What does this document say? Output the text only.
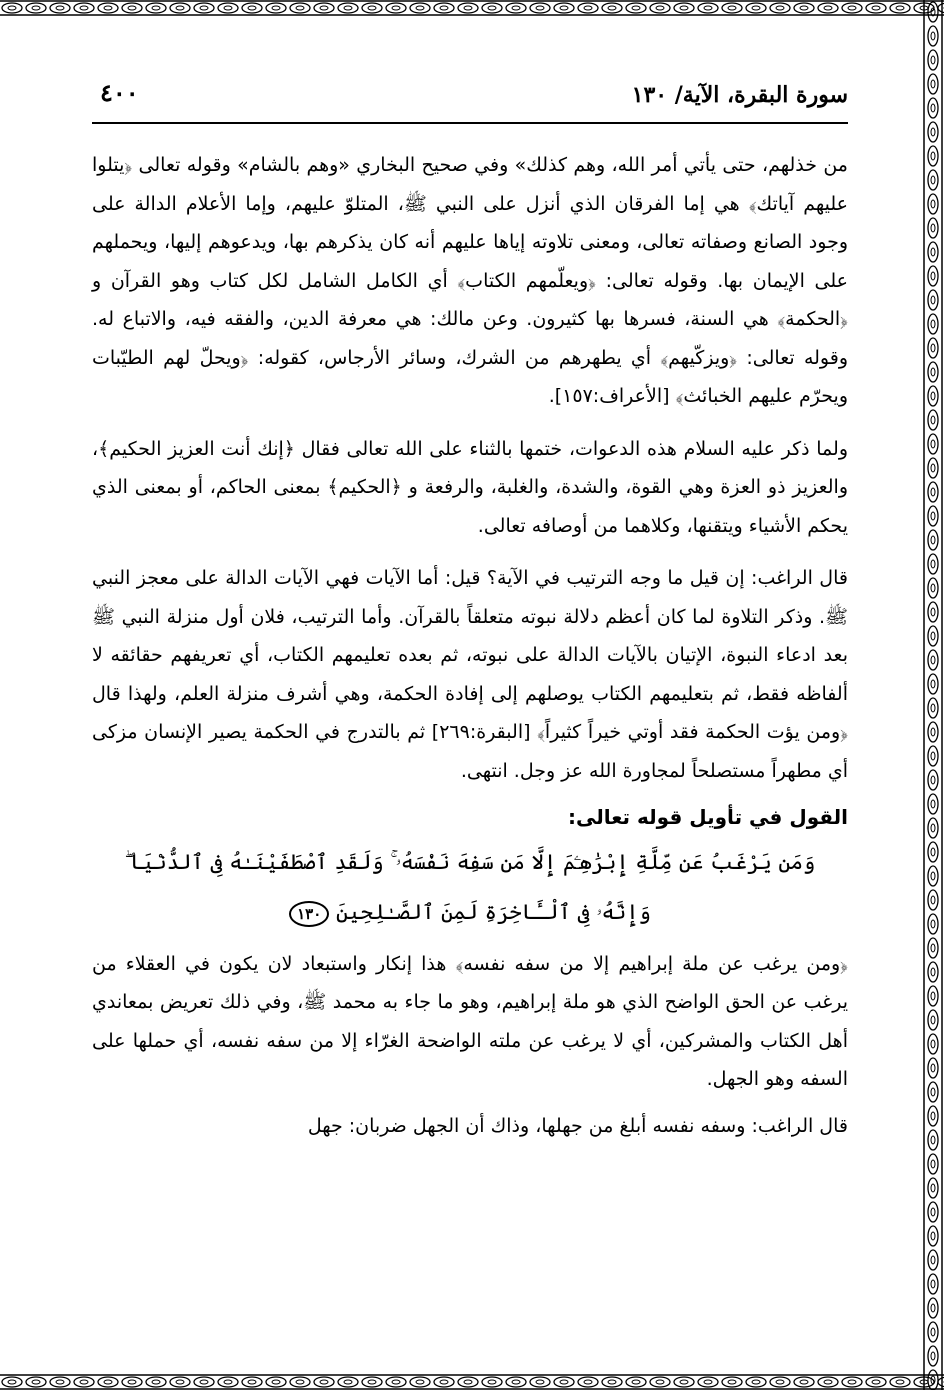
سورة البقرة، الآية/ ١٣٠
٤٠٠

من خذلهم، حتى يأتي أمر الله، وهم كذلك» وفي صحيح البخاري «وهم بالشام» وقوله تعالى ﴿يتلوا عليهم آياتك﴾ هي إما الفرقان الذي أنزل على النبي ﷺ، المتلوّ عليهم، وإما الأعلام الدالة على وجود الصانع وصفاته تعالى، ومعنى تلاوته إياها عليهم أنه كان يذكرهم بها، ويدعوهم إليها، ويحملهم على الإيمان بها. وقوله تعالى: ﴿ويعلّمهم الكتاب﴾ أي الكامل الشامل لكل كتاب وهو القرآن و ﴿الحكمة﴾ هي السنة، فسرها بها كثيرون. وعن مالك: هي معرفة الدين، والفقه فيه، والاتباع له. وقوله تعالى: ﴿ويزكّيهم﴾ أي يطهرهم من الشرك، وسائر الأرجاس، كقوله: ﴿ويحلّ لهم الطيّبات ويحرّم عليهم الخبائث﴾ [الأعراف:١٥٧].

ولما ذكر عليه السلام هذه الدعوات، ختمها بالثناء على الله تعالى فقال ﴿إنك أنت العزيز الحكيم﴾، والعزيز ذو العزة وهي القوة، والشدة، والغلبة، والرفعة و ﴿الحكيم﴾ بمعنى الحاكم، أو بمعنى الذي يحكم الأشياء ويتقنها، وكلاهما من أوصافه تعالى.

قال الراغب: إن قيل ما وجه الترتيب في الآية؟ قيل: أما الآيات فهي الآيات الدالة على معجز النبي ﷺ. وذكر التلاوة لما كان أعظم دلالة نبوته متعلقاً بالقرآن. وأما الترتيب، فلان أول منزلة النبي ﷺ بعد ادعاء النبوة، الإتيان بالآيات الدالة على نبوته، ثم بعده تعليمهم الكتاب، أي تعريفهم حقائقه لا ألفاظه فقط، ثم بتعليمهم الكتاب يوصلهم إلى إفادة الحكمة، وهي أشرف منزلة العلم، ولهذا قال ﴿ومن يؤت الحكمة فقد أوتي خيراً كثيراً﴾ [البقرة:٢٦٩] ثم بالتدرج في الحكمة يصير الإنسان مزكى أي مطهراً مستصلحاً لمجاورة الله عز وجل. انتهى.

القول في تأويل قوله تعالى:

وَمَن يَرْغَبُ عَن مِّلَّةِ إِبْرَٰهِـۧمَ إِلَّا مَن سَفِهَ نَفْسَهُۥ ۚ وَلَقَدِ ٱصْطَفَيْنَـٰهُ فِى ٱلدُّنْيَا ۖ
وَإِنَّهُۥ فِى ٱلْـَٔاخِرَةِ لَمِنَ ٱلصَّـٰلِحِينَ ١٣٠

﴿ومن يرغب عن ملة إبراهيم إلا من سفه نفسه﴾ هذا إنكار واستبعاد لان يكون في العقلاء من يرغب عن الحق الواضح الذي هو ملة إبراهيم، وهو ما جاء به محمد ﷺ، وفي ذلك تعريض بمعاندي أهل الكتاب والمشركين، أي لا يرغب عن ملته الواضحة الغرّاء إلا من سفه نفسه، أي حملها على السفه وهو الجهل.

قال الراغب: وسفه نفسه أبلغ من جهلها، وذاك أن الجهل ضربان: جهل
